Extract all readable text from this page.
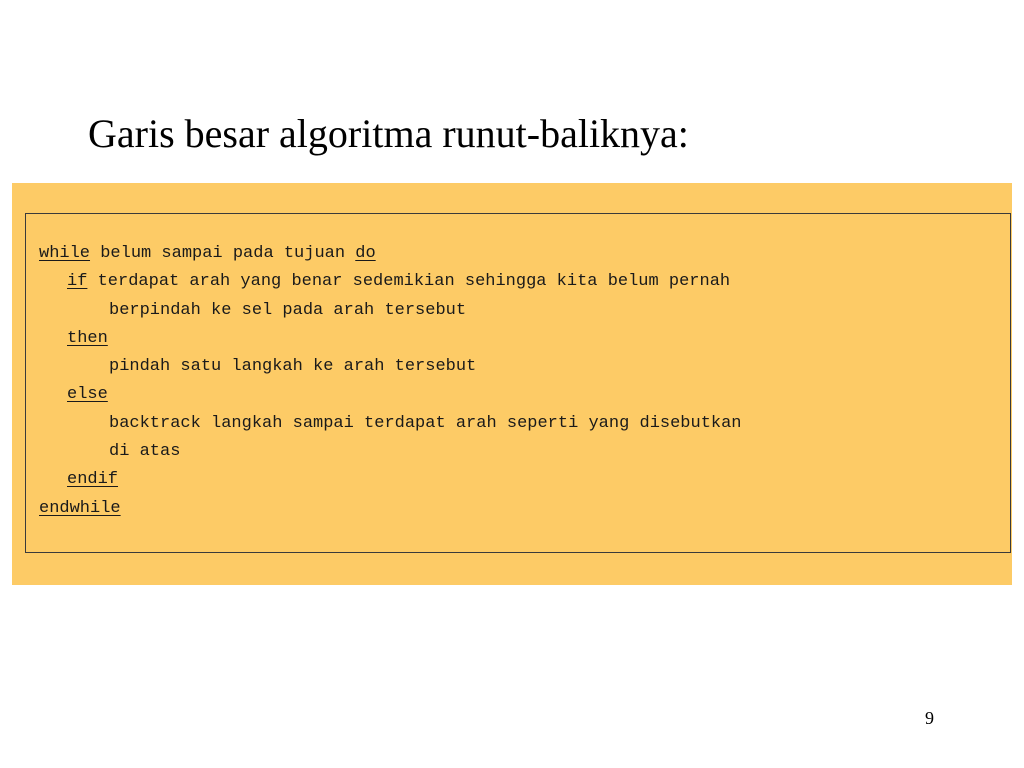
Garis besar algoritma runut-baliknya:
while belum sampai pada tujuan do
if terdapat arah yang benar sedemikian sehingga kita belum pernah
berpindah ke sel pada arah tersebut
then
pindah satu langkah ke arah tersebut
else
backtrack langkah sampai terdapat arah seperti yang disebutkan
di atas
endif
endwhile
9
